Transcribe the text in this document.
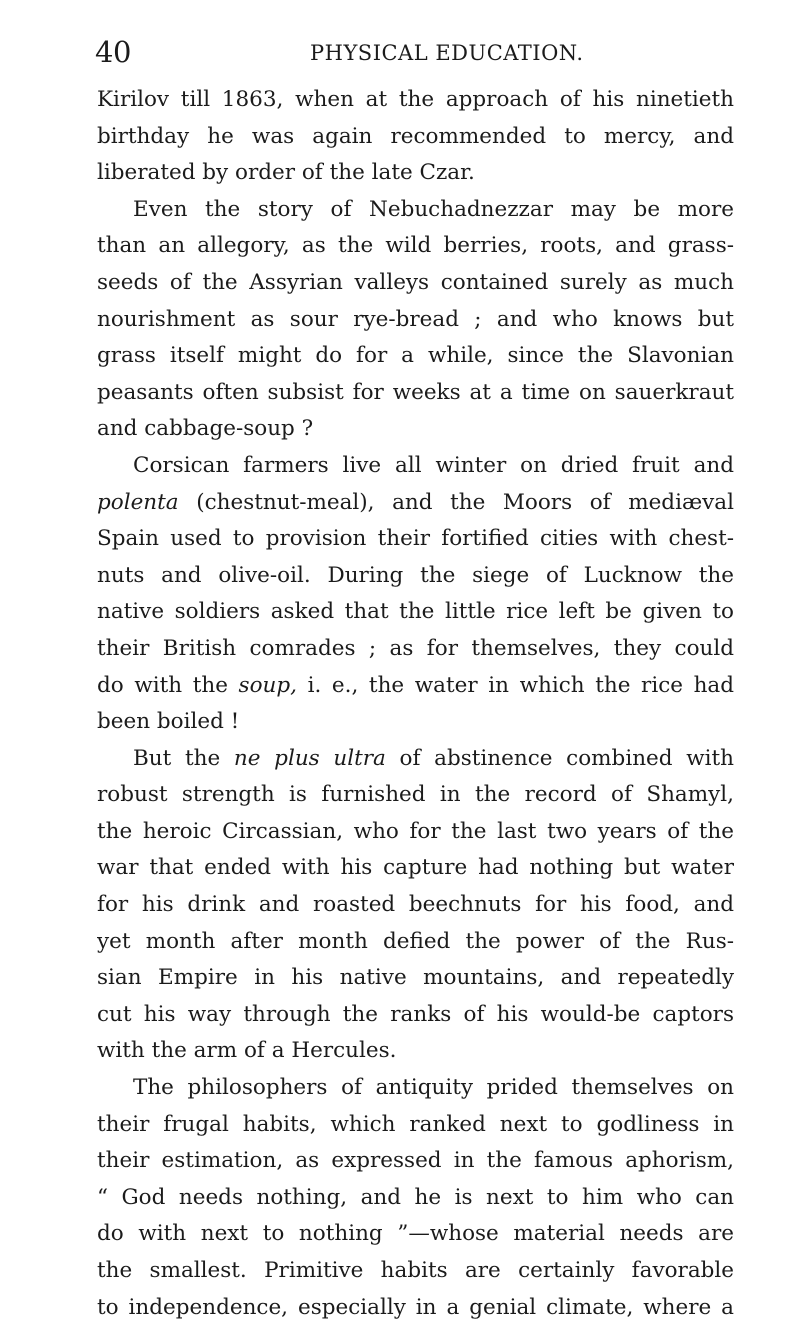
40	PHYSICAL EDUCATION.
Kirilov till 1863, when at the approach of his ninetieth
birthday he was again recommended to mercy, and
liberated by order of the late Czar.
Even the story of Nebuchadnezzar may be more
than an allegory, as the wild berries, roots, and grass-
seeds of the Assyrian valleys contained surely as much
nourishment as sour rye-bread ; and who knows but
grass itself might do for a while, since the Slavonian
peasants often subsist for weeks at a time on sauerkraut
and cabbage-soup ?
Corsican farmers live all winter on dried fruit and
polenta (chestnut-meal), and the Moors of mediæval
Spain used to provision their fortified cities with chest-
nuts and olive-oil. During the siege of Lucknow the
native soldiers asked that the little rice left be given to
their British comrades ; as for themselves, they could
do with the soup, i. e., the water in which the rice had
been boiled !
But the ne plus ultra of abstinence combined with
robust strength is furnished in the record of Shamyl,
the heroic Circassian, who for the last two years of the
war that ended with his capture had nothing but water
for his drink and roasted beechnuts for his food, and
yet month after month defied the power of the Rus-
sian Empire in his native mountains, and repeatedly
cut his way through the ranks of his would-be captors
with the arm of a Hercules.
The philosophers of antiquity prided themselves on
their frugal habits, which ranked next to godliness in
their estimation, as expressed in the famous aphorism,
“ God needs nothing, and he is next to him who can
do with next to nothing ”—whose material needs are
the smallest. Primitive habits are certainly favorable
to independence, especially in a genial climate, where a
